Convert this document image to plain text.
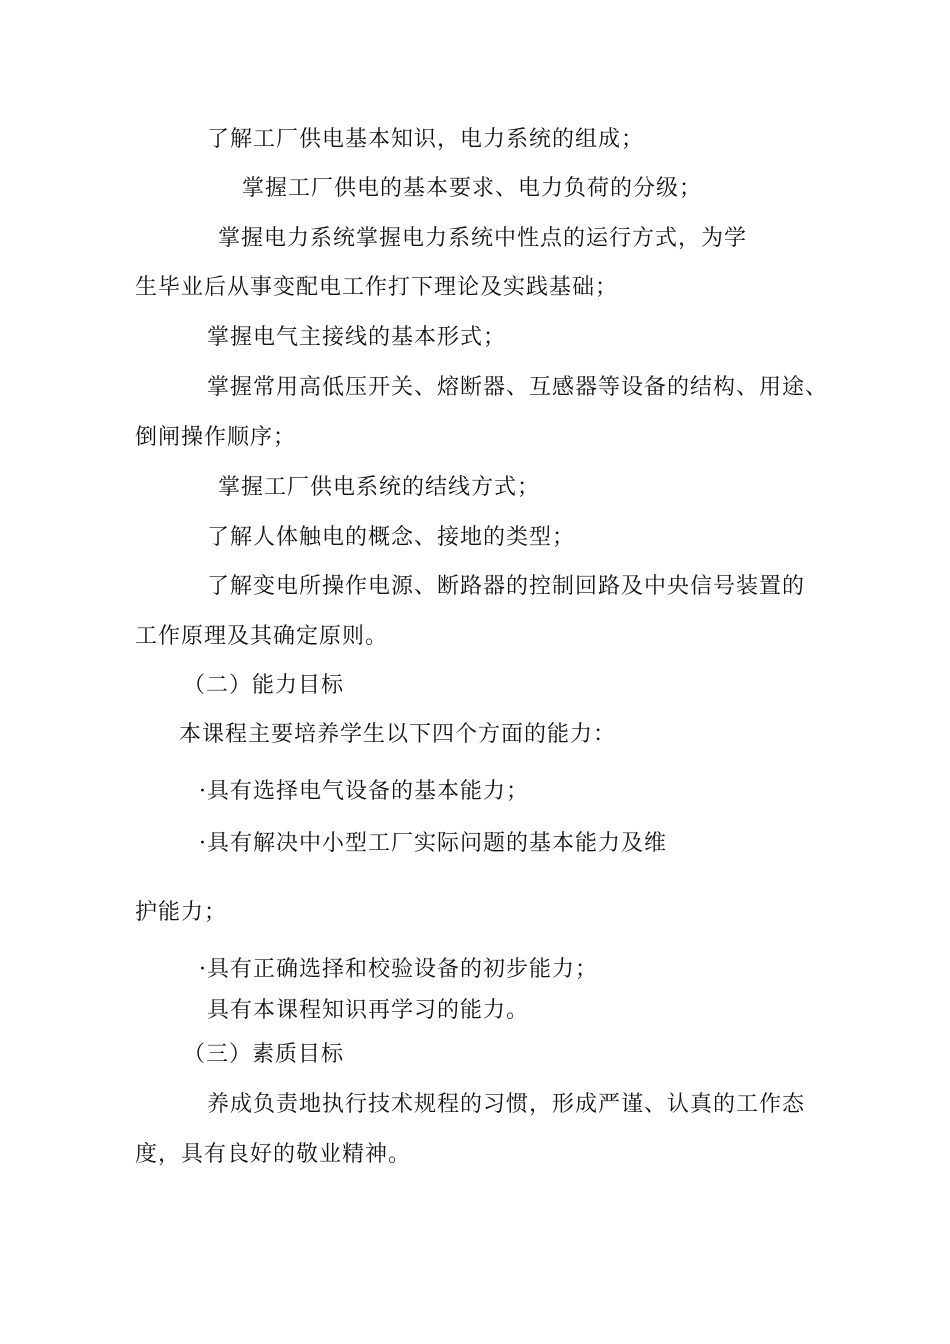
了解工厂供电基本知识，电力系统的组成；
掌握工厂供电的基本要求、电力负荷的分级；
掌握电力系统掌握电力系统中性点的运行方式，为学
生毕业后从事变配电工作打下理论及实践基础；
掌握电气主接线的基本形式；
掌握常用高低压开关、熔断器、互感器等设备的结构、用途、
倒闸操作顺序；
掌握工厂供电系统的结线方式；
了解人体触电的概念、接地的类型；
了解变电所操作电源、断路器的控制回路及中央信号装置的
工作原理及其确定原则。
（二）能力目标
本课程主要培养学生以下四个方面的能力：
·具有选择电气设备的基本能力；
·具有解决中小型工厂实际问题的基本能力及维
护能力；
·具有正确选择和校验设备的初步能力；
具有本课程知识再学习的能力。
（三）素质目标
养成负责地执行技术规程的习惯，形成严谨、认真的工作态
度，具有良好的敬业精神。
